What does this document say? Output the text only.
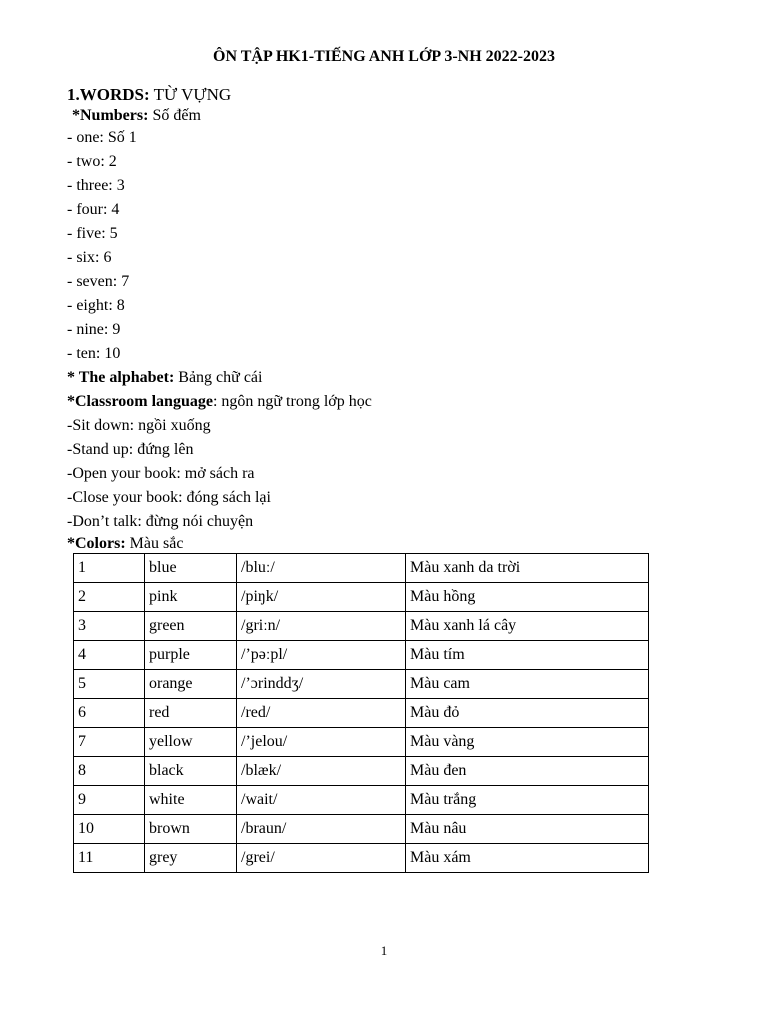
ÔN TẬP HK1-TIẾNG ANH LỚP 3-NH 2022-2023
1.WORDS: TỪ VỰNG
*Numbers: Số đếm
- one: Số 1
- two: 2
- three: 3
- four: 4
- five: 5
- six: 6
- seven: 7
- eight: 8
- nine: 9
- ten: 10
* The alphabet: Bảng chữ cái
*Classroom language: ngôn ngữ trong lớp học
-Sit down: ngồi xuống
-Stand up: đứng lên
-Open your book: mở sách ra
-Close your book: đóng sách lại
-Don’t talk: đừng nói chuyện
*Colors: Màu sắc
1	blue	/bluː/	Màu xanh da trời
2	pink	/piŋk/	Màu hồng
3	green	/griːn/	Màu xanh lá cây
4	purple	/’pəːpl/	Màu tím
5	orange	/’ɔrinddʒ/	Màu cam
6	red	/red/	Màu đỏ
7	yellow	/’jelou/	Màu vàng
8	black	/blæk/	Màu đen
9	white	/wait/	Màu trắng
10	brown	/braun/	Màu nâu
11	grey	/grei/	Màu xám
1
